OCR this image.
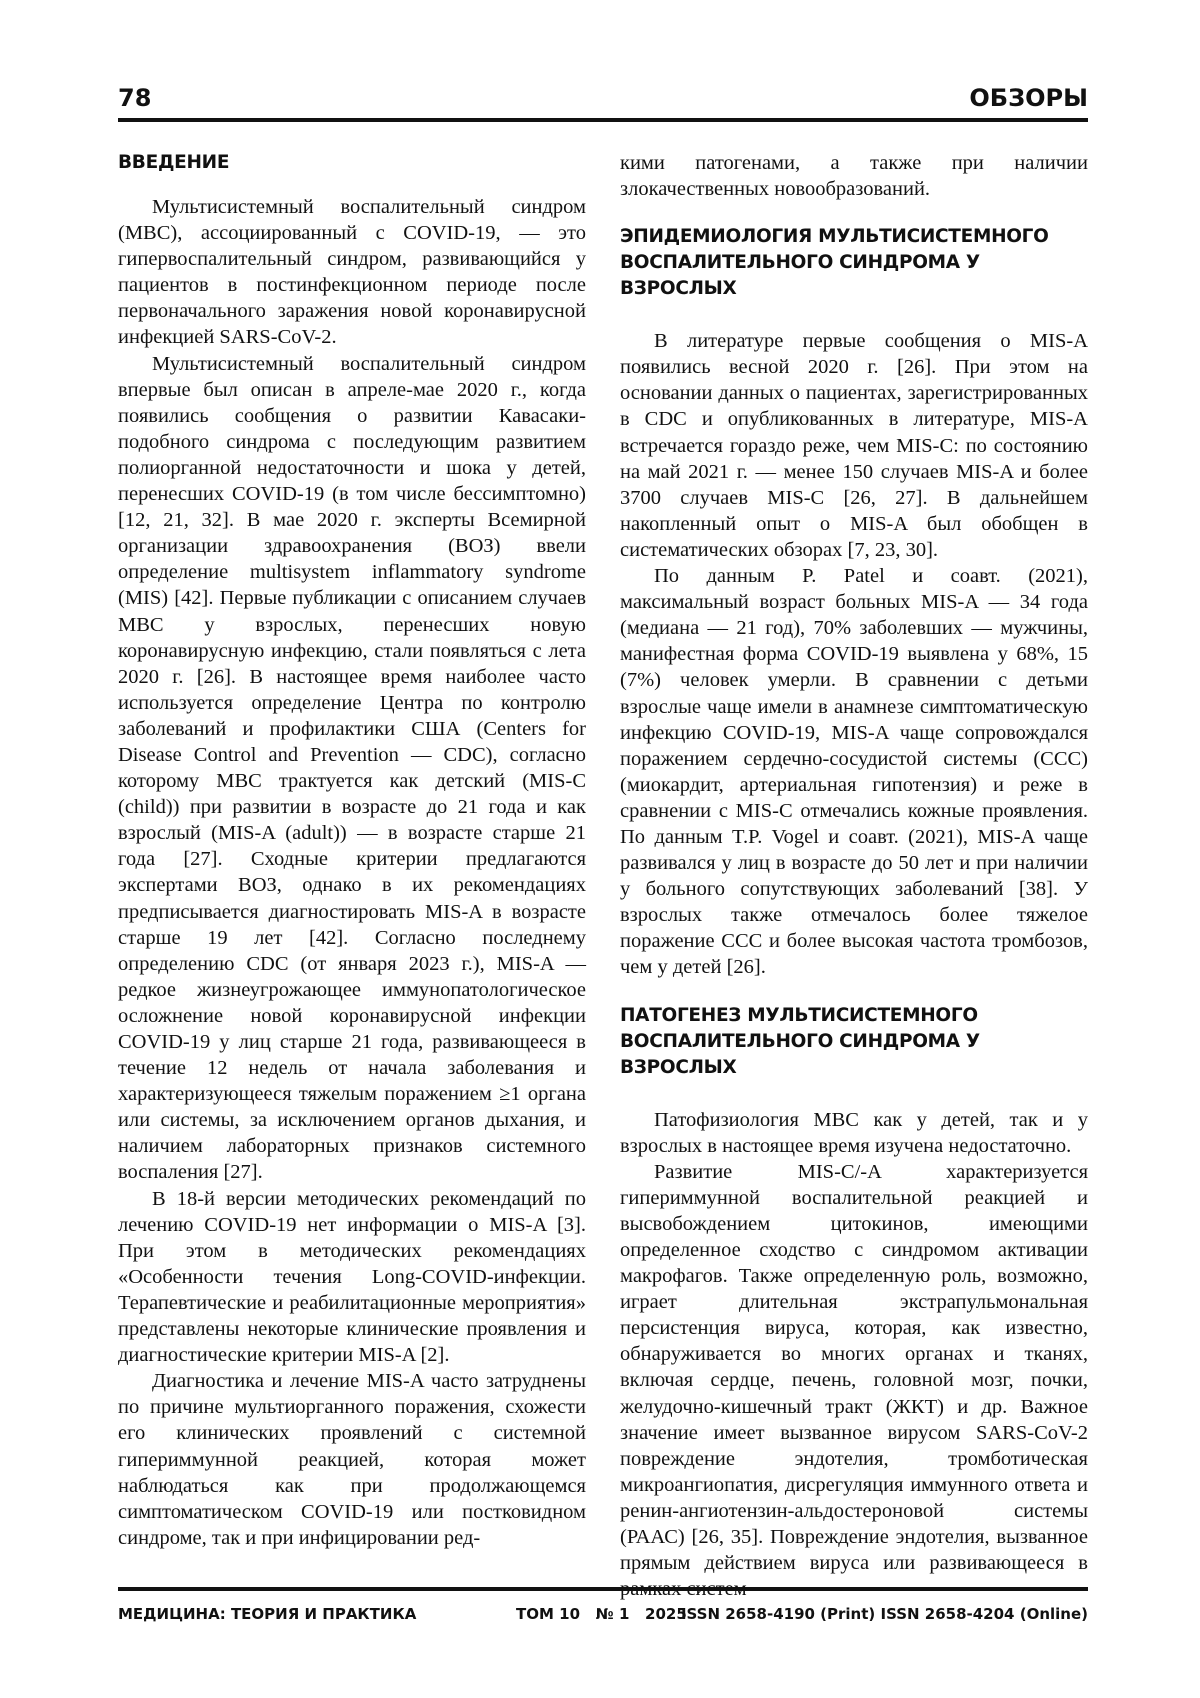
78	ОБЗОРЫ
ВВЕДЕНИЕ

Мультисистемный воспалительный синдром (МВС), ассоциированный с COVID-19, — это гипервоспалительный синдром, развивающийся у пациентов в постинфекционном периоде после первоначального заражения новой коронавирусной инфекцией SARS-CoV-2.

Мультисистемный воспалительный синдром впервые был описан в апреле-мае 2020 г., когда появились сообщения о развитии Кавасаки-подобного синдрома с последующим развитием полиорганной недостаточности и шока у детей, перенесших COVID-19 (в том числе бессимптомно) [12, 21, 32]. В мае 2020 г. эксперты Всемирной организации здравоохранения (ВОЗ) ввели определение multisystem inflammatory syndrome (MIS) [42]. Первые публикации с описанием случаев МВС у взрослых, перенесших новую коронавирусную инфекцию, стали появляться с лета 2020 г. [26]. В настоящее время наиболее часто используется определение Центра по контролю заболеваний и профилактики США (Centers for Disease Control and Prevention — CDC), согласно которому МВС трактуется как детский (MIS-C (child)) при развитии в возрасте до 21 года и как взрослый (MIS-A (adult)) — в возрасте старше 21 года [27]. Сходные критерии предлагаются экспертами ВОЗ, однако в их рекомендациях предписывается диагностировать MIS-A в возрасте старше 19 лет [42]. Согласно последнему определению CDC (от января 2023 г.), MIS-A — редкое жизнеугрожающее иммунопатологическое осложнение новой коронавирусной инфекции COVID-19 у лиц старше 21 года, развивающееся в течение 12 недель от начала заболевания и характеризующееся тяжелым поражением ≥1 органа или системы, за исключением органов дыхания, и наличием лабораторных признаков системного воспаления [27].

В 18-й версии методических рекомендаций по лечению COVID-19 нет информации о MIS-A [3]. При этом в методических рекомендациях «Особенности течения Long-COVID-инфекции. Терапевтические и реабилитационные мероприятия» представлены некоторые клинические проявления и диагностические критерии MIS-A [2].

Диагностика и лечение MIS-A часто затруднены по причине мультиорганного поражения, схожести его клинических проявлений с системной гипериммунной реакцией, которая может наблюдаться как при продолжающемся симптоматическом COVID-19 или постковидном синдроме, так и при инфицировании ред-

кими патогенами, а также при наличии злокачественных новообразований.

ЭПИДЕМИОЛОГИЯ МУЛЬТИСИСТЕМНОГО
ВОСПАЛИТЕЛЬНОГО СИНДРОМА У ВЗРОСЛЫХ

В литературе первые сообщения о MIS-A появились весной 2020 г. [26]. При этом на основании данных о пациентах, зарегистрированных в CDC и опубликованных в литературе, MIS-A встречается гораздо реже, чем MIS-C: по состоянию на май 2021 г. — менее 150 случаев MIS-A и более 3700 случаев MIS-C [26, 27]. В дальнейшем накопленный опыт о MIS-A был обобщен в систематических обзорах [7, 23, 30].

По данным P. Patel и соавт. (2021), максимальный возраст больных MIS-A — 34 года (медиана — 21 год), 70% заболевших — мужчины, манифестная форма COVID-19 выявлена у 68%, 15 (7%) человек умерли. В сравнении с детьми взрослые чаще имели в анамнезе симптоматическую инфекцию COVID-19, MIS-A чаще сопровождался поражением сердечно-сосудистой системы (ССС) (миокардит, артериальная гипотензия) и реже в сравнении с MIS-C отмечались кожные проявления. По данным T.P. Vogel и соавт. (2021), MIS-A чаще развивался у лиц в возрасте до 50 лет и при наличии у больного сопутствующих заболеваний [38]. У взрослых также отмечалось более тяжелое поражение ССС и более высокая частота тромбозов, чем у детей [26].

ПАТОГЕНЕЗ МУЛЬТИСИСТЕМНОГО
ВОСПАЛИТЕЛЬНОГО СИНДРОМА У ВЗРОСЛЫХ

Патофизиология МВС как у детей, так и у взрослых в настоящее время изучена недостаточно.

Развитие MIS-C/-A характеризуется гипериммунной воспалительной реакцией и высвобождением цитокинов, имеющими определенное сходство с синдромом активации макрофагов. Также определенную роль, возможно, играет длительная экстрапульмональная персистенция вируса, которая, как известно, обнаруживается во многих органах и тканях, включая сердце, печень, головной мозг, почки, желудочно-кишечный тракт (ЖКТ) и др. Важное значение имеет вызванное вирусом SARS-CoV-2 повреждение эндотелия, тромботическая микроангиопатия, дисрегуляция иммунного ответа и ренин-ангиотензин-альдостероновой системы (РААС) [26, 35]. Повреждение эндотелия, вызванное прямым действием вируса или развивающееся в рамках систем-

МЕДИЦИНА: ТЕОРИЯ И ПРАКТИКА	ТОМ 10   № 1   2025
ISSN 2658-4190 (Print) ISSN 2658-4204 (Online)
